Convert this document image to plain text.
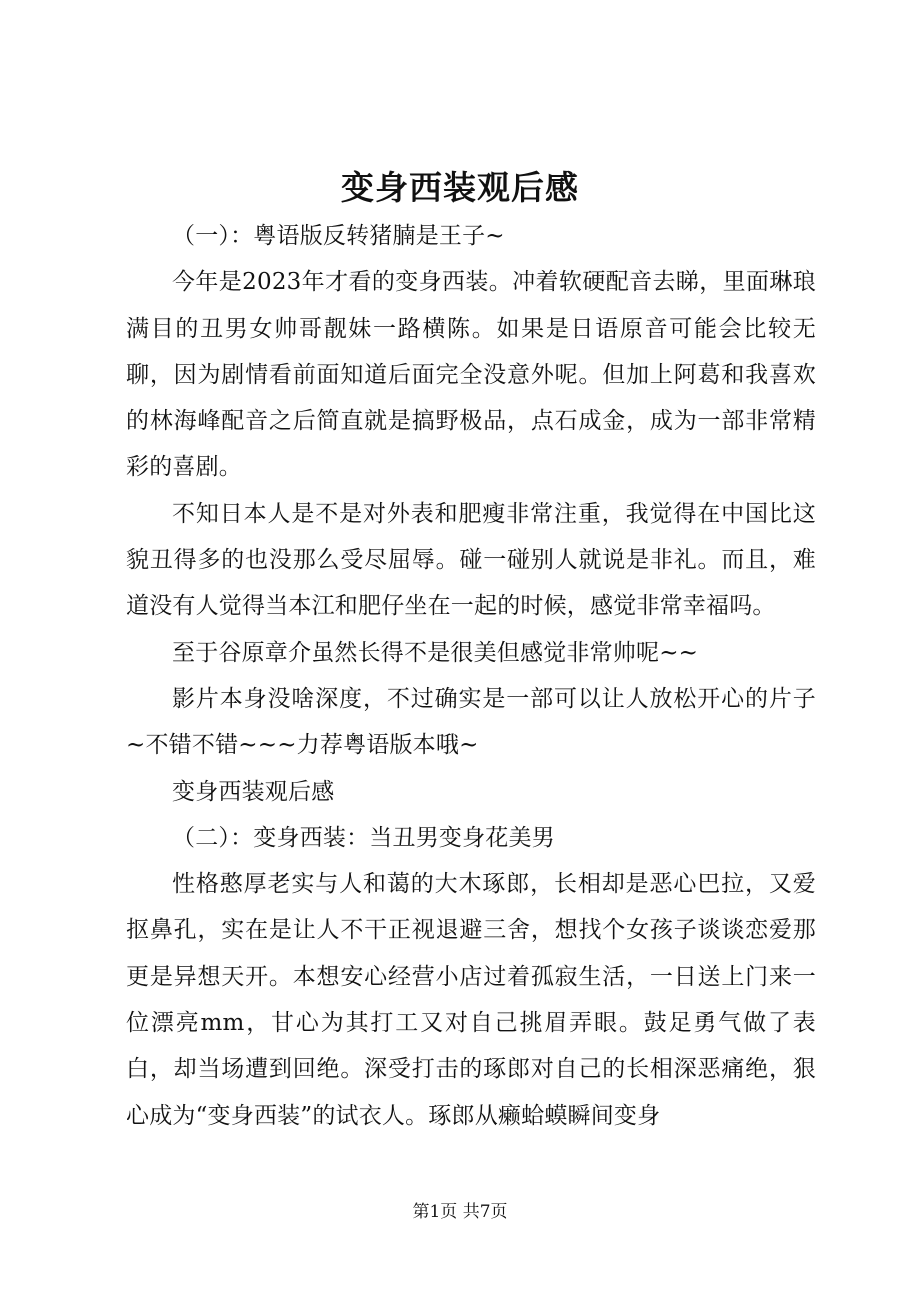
变身西装观后感

（一）：粤语版反转猪腩是王子~

今年是2023年才看的变身西装。冲着软硬配音去睇，里面琳琅满目的丑男女帅哥靓妹一路横陈。如果是日语原音可能会比较无聊，因为剧情看前面知道后面完全没意外呢。但加上阿葛和我喜欢的林海峰配音之后简直就是搞野极品，点石成金，成为一部非常精彩的喜剧。

不知日本人是不是对外表和肥瘦非常注重，我觉得在中国比这貌丑得多的也没那么受尽屈辱。碰一碰别人就说是非礼。而且，难道没有人觉得当本江和肥仔坐在一起的时候，感觉非常幸福吗。

至于谷原章介虽然长得不是很美但感觉非常帅呢~~

影片本身没啥深度，不过确实是一部可以让人放松开心的片子~不错不错~~~力荐粤语版本哦~

变身西装观后感

（二）：变身西装：当丑男变身花美男

性格憨厚老实与人和蔼的大木琢郎，长相却是恶心巴拉，又爱抠鼻孔，实在是让人不干正视退避三舍，想找个女孩子谈谈恋爱那更是异想天开。本想安心经营小店过着孤寂生活，一日送上门来一位漂亮mm，甘心为其打工又对自己挑眉弄眼。鼓足勇气做了表白，却当场遭到回绝。深受打击的琢郎对自己的长相深恶痛绝，狠心成为“变身西装”的试衣人。琢郎从癞蛤蟆瞬间变身

第1页 共7页
